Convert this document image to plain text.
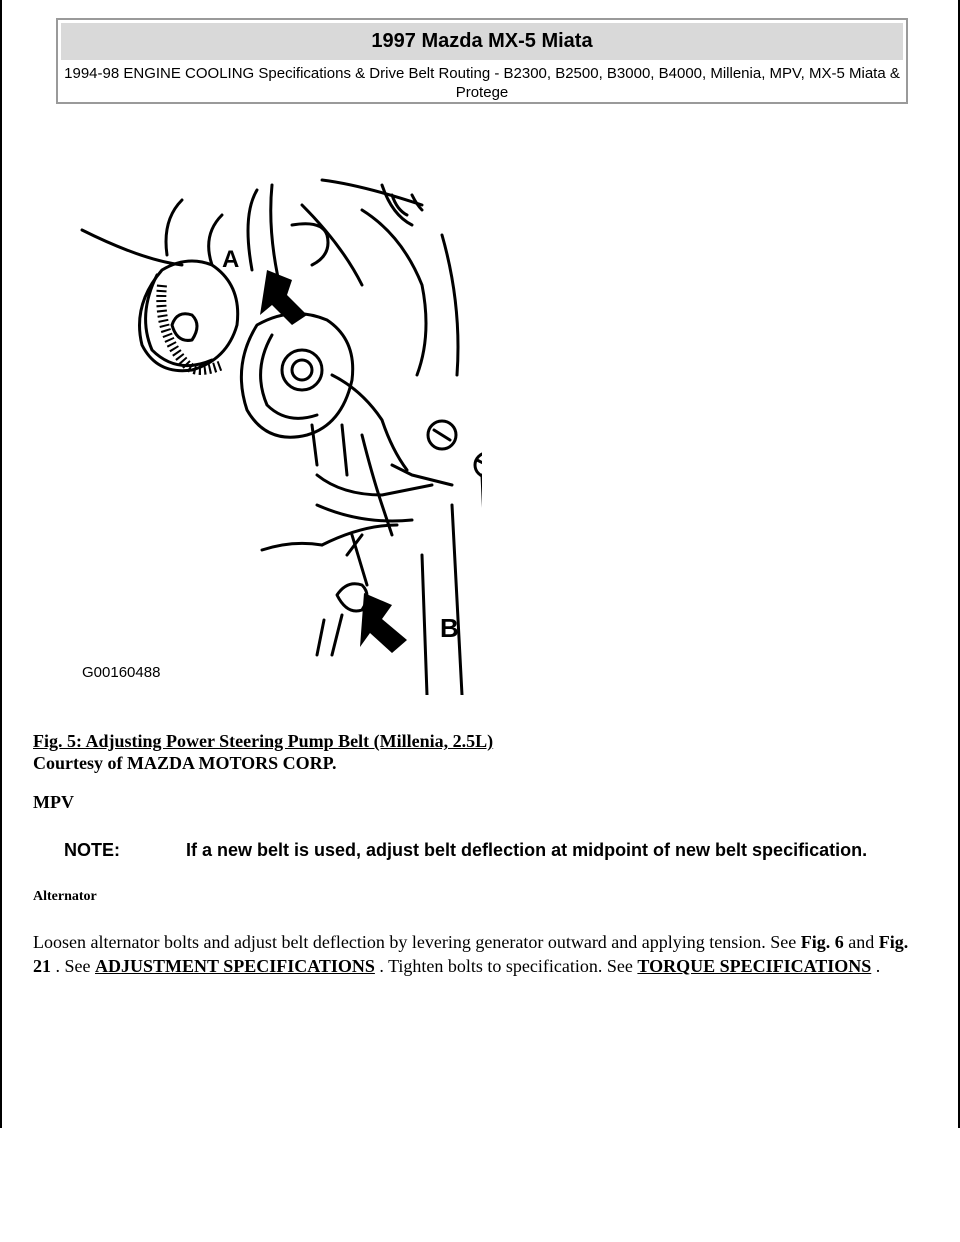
1997 Mazda MX-5 Miata
1994-98 ENGINE COOLING Specifications & Drive Belt Routing - B2300, B2500, B3000, B4000, Millenia, MPV, MX-5 Miata & Protege
A
B
G00160488
Fig. 5: Adjusting Power Steering Pump Belt (Millenia, 2.5L)
Courtesy of MAZDA MOTORS CORP.
MPV
NOTE:	If a new belt is used, adjust belt deflection at midpoint of new belt specification.
Alternator
Loosen alternator bolts and adjust belt deflection by levering generator outward and applying tension. See Fig. 6 and Fig. 21 . See ADJUSTMENT SPECIFICATIONS . Tighten bolts to specification. See TORQUE SPECIFICATIONS .
